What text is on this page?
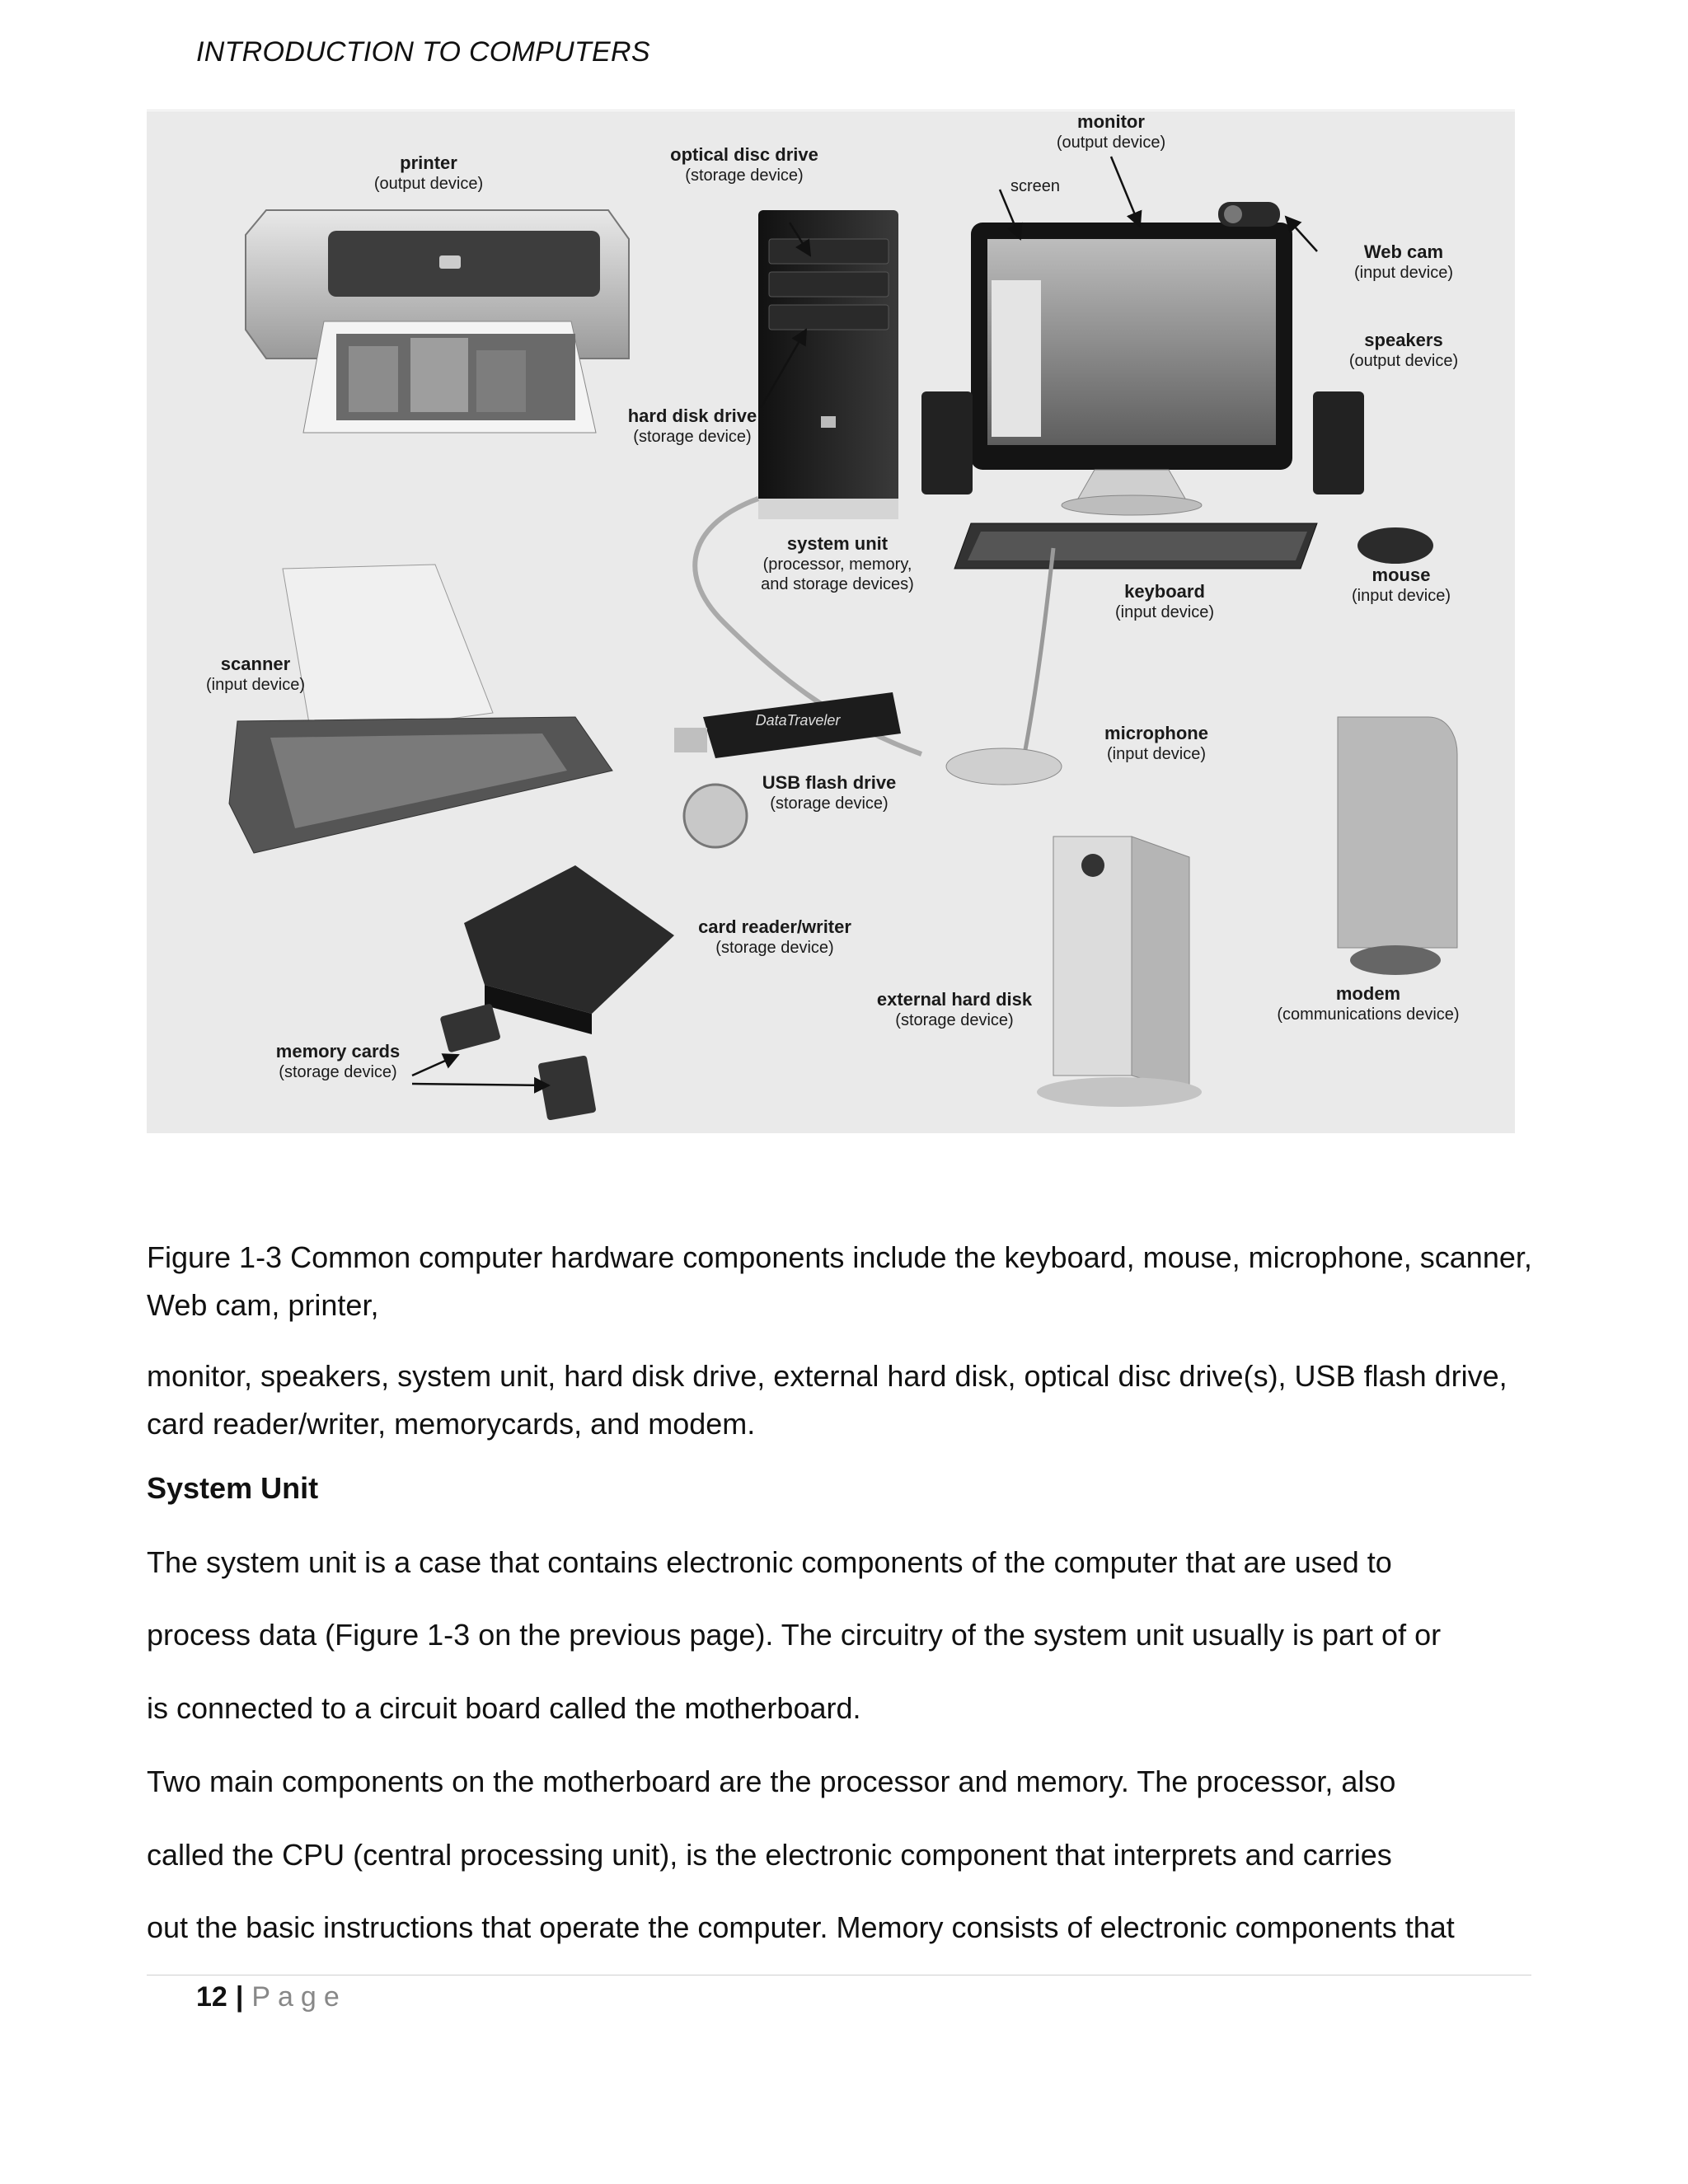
INTRODUCTION TO COMPUTERS
DataTraveler
printer
(output device)
optical disc drive
(storage device)
monitor
(output device)
screen
Web cam
(input device)
speakers
(output device)
hard disk drive
(storage device)
system unit
(processor, memory,
and storage devices)	keyboard
(input device)
mouse
(input device)
scanner
(input device)
microphone
(input device)
USB flash drive
(storage device)
card reader/writer
(storage device)
external hard disk
(storage device)
modem
(communications device)
memory cards
(storage device)
Figure 1-3 Common computer hardware components include the keyboard, mouse, microphone, scanner, Web cam, printer,
monitor, speakers, system unit, hard disk drive, external hard disk, optical disc drive(s), USB flash drive, card reader/writer, memorycards, and modem.
System Unit
The system unit is a case that contains electronic components of the computer that are used to
process data (Figure 1-3 on the previous page). The circuitry of the system unit usually is part of or
is connected to a circuit board called the motherboard.
Two main components on the motherboard are the processor and memory. The processor, also
called the CPU (central processing unit), is the electronic component that interprets and carries
out the basic instructions that operate the computer. Memory consists of electronic components that
12 | Page
